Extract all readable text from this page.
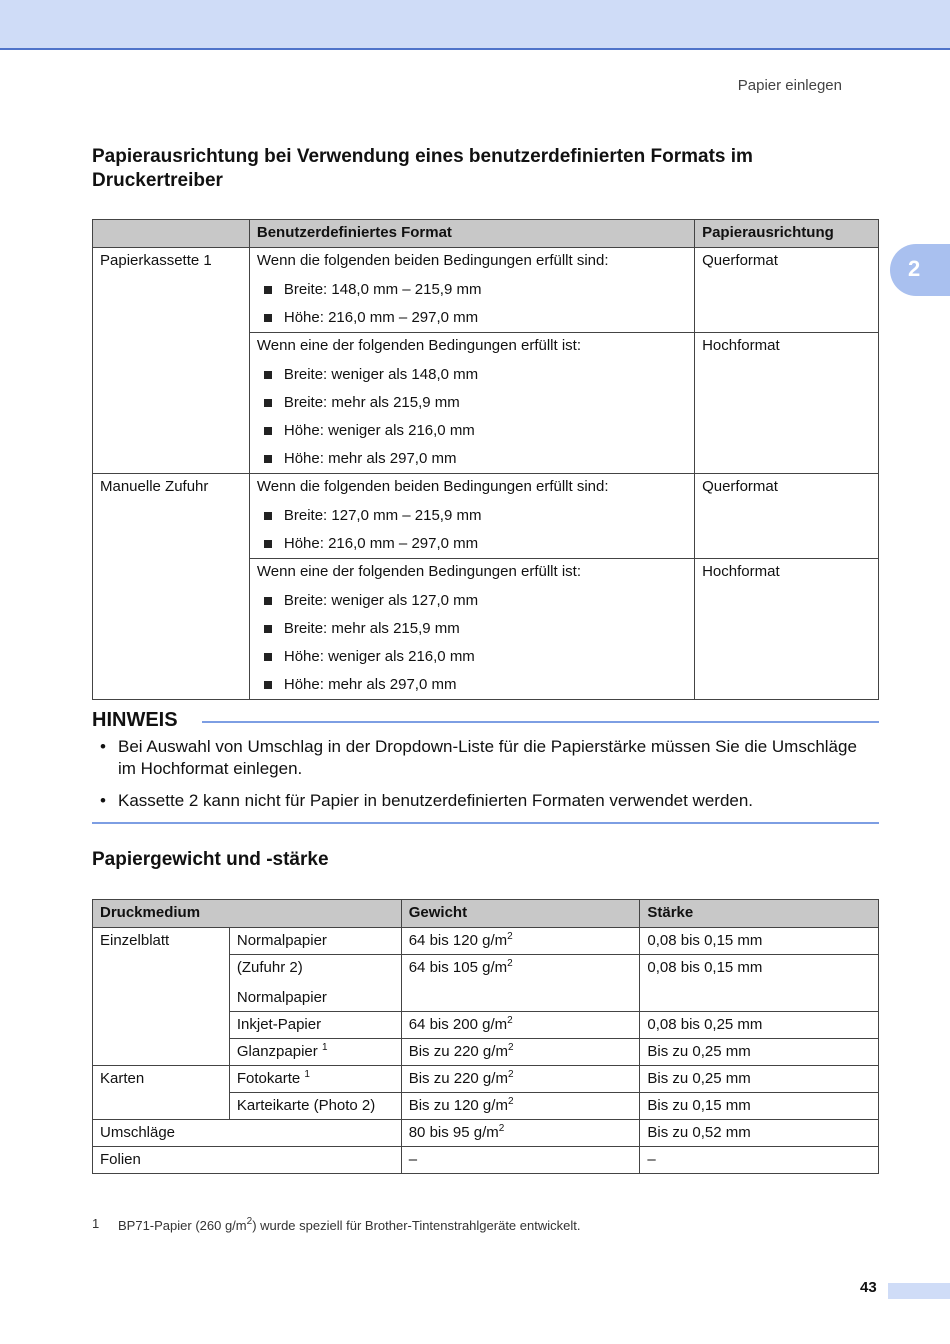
Papier einlegen
2
Papierausrichtung bei Verwendung eines benutzerdefinierten Formats im Druckertreiber
	Benutzerdefiniertes Format	Papierausrichtung
Papierkassette 1	Wenn die folgenden beiden Bedingungen erfüllt sind:
Breite: 148,0 mm – 215,9 mm
Höhe: 216,0 mm – 297,0 mm	Querformat

	Wenn eine der folgenden Bedingungen erfüllt ist:
Breite: weniger als 148,0 mm
Breite: mehr als 215,9 mm
Höhe: weniger als 216,0 mm
Höhe: mehr als 297,0 mm	Hochformat
Manuelle Zufuhr	Wenn die folgenden beiden Bedingungen erfüllt sind:
Breite: 127,0 mm – 215,9 mm
Höhe: 216,0 mm – 297,0 mm	Querformat

	Wenn eine der folgenden Bedingungen erfüllt ist:
Breite: weniger als 127,0 mm
Breite: mehr als 215,9 mm
Höhe: weniger als 216,0 mm
Höhe: mehr als 297,0 mm	Hochformat
HINWEIS
• Bei Auswahl von Umschlag in der Dropdown-Liste für die Papierstärke müssen Sie die Umschläge im Hochformat einlegen.
• Kassette 2 kann nicht für Papier in benutzerdefinierten Formaten verwendet werden.
Papiergewicht und -stärke
Druckmedium		Gewicht	Stärke
Einzelblatt	Normalpapier	64 bis 120 $g/m^2$	0,08 bis 0,15 mm

	(Zufuhr 2)
Normalpapier	64 bis 105 $g/m^2$	0,08 bis 0,15 mm
	Inkjet-Papier	64 bis 200 $g/m^2$	0,08 bis 0,25 mm
	Glanzpapier $^1$	Bis zu 220 $g/m^2$	Bis zu 0,25 mm
Karten	Fotokarte $^1$	Bis zu 220 $g/m^2$	Bis zu 0,25 mm
	Karteikarte (Photo 2)	Bis zu 120 $g/m^2$	Bis zu 0,15 mm
Umschläge		80 bis 95 $g/m^2$	Bis zu 0,52 mm
Folien		–	–
1 BP71-Papier (260 $g/m^2$) wurde speziell für Brother-Tintenstrahlgeräte entwickelt.
43
